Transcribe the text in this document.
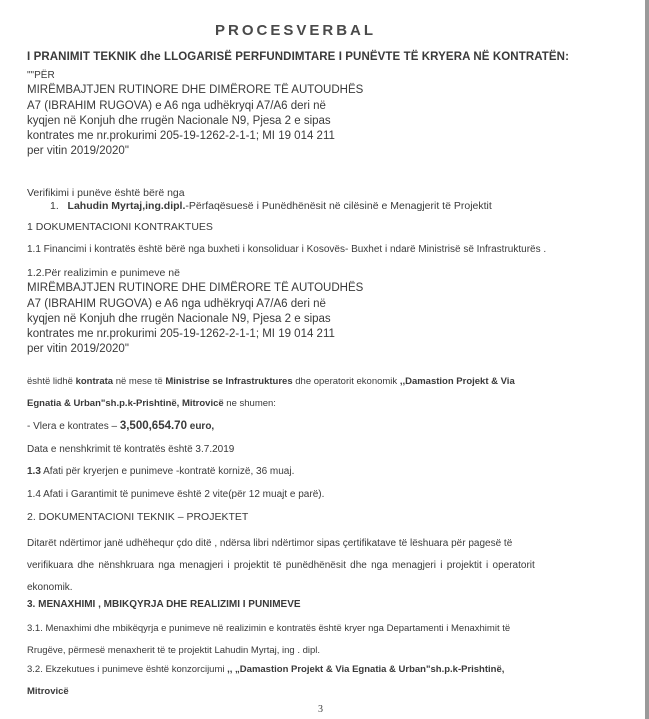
PROCESVERBAL
I PRANIMIT TEKNIK dhe LLOGARISË PERFUNDIMTARE I PUNËVTE TË KRYERA NË KONTRATËN:
""PËR
MIRËMBAJTJEN RUTINORE DHE DIMËRORE TË AUTOUDHËS
A7 (IBRAHIM RUGOVA) e A6 nga udhëkryqi A7/A6 deri në
kyqjen në Konjuh dhe rrugën Nacionale N9, Pjesa 2 e sipas
kontrates me nr.prokurimi 205-19-1262-2-1-1; MI 19 014 211
per vitin 2019/2020"
Verifikimi i punëve është bërë nga
1. Lahudin Myrtaj,ing.dipl.-Përfaqësuesë i Punëdhënësit në cilësinë e Menagjerit të Projektit
1 DOKUMENTACIONI KONTRAKTUES
1.1 Financimi i kontratës është bërë nga buxheti i konsoliduar i Kosovës- Buxhet i ndarë Ministrisë së Infrastrukturës .
1.2.Për realizimin e punimeve në
MIRËMBAJTJEN RUTINORE DHE DIMËRORE TË AUTOUDHËS
A7 (IBRAHIM RUGOVA) e A6 nga udhëkryqi A7/A6 deri në
kyqjen në Konjuh dhe rrugën Nacionale N9, Pjesa 2 e sipas
kontrates me nr.prokurimi 205-19-1262-2-1-1; MI 19 014 211
per vitin 2019/2020"
është lidhë kontrata në mese të Ministrise se Infrastruktures dhe operatorit ekonomik ,,Damastion Projekt & Via
Egnatia & Urban"sh.p.k-Prishtinë, Mitrovicë ne shumen:
- Vlera e kontrates – 3,500,654.70 euro,
Data e nenshkrimit të kontratës është 3.7.2019
1.3 Afati për kryerjen e punimeve -kontratë kornizë, 36 muaj.
1.4 Afati i Garantimit të punimeve është 2 vite(për 12 muajt e parë).
2. DOKUMENTACIONI TEKNIK – PROJEKTET
Ditarët ndërtimor janë udhëhequr çdo ditë , ndërsa libri ndërtimor sipas çertifikatave të lëshuara për pagesë të
verifikuara dhe nënshkruara nga menagjeri i projektit të punëdhënësit dhe nga menagjeri i projektit i operatorit
ekonomik.
3. MENAXHIMI , MBIKQYRJA DHE REALIZIMI I PUNIMEVE
3.1. Menaxhimi dhe mbikëqyrja e punimeve në realizimin e kontratës është kryer nga Departamenti i Menaxhimit të
Rrugëve, përmesë menaxherit të te projektit Lahudin Myrtaj, ing . dipl.
3.2. Ekzekutues i punimeve është konzorcijumi ,, „Damastion Projekt & Via Egnatia & Urban"sh.p.k-Prishtinë,
Mitrovicë
3
